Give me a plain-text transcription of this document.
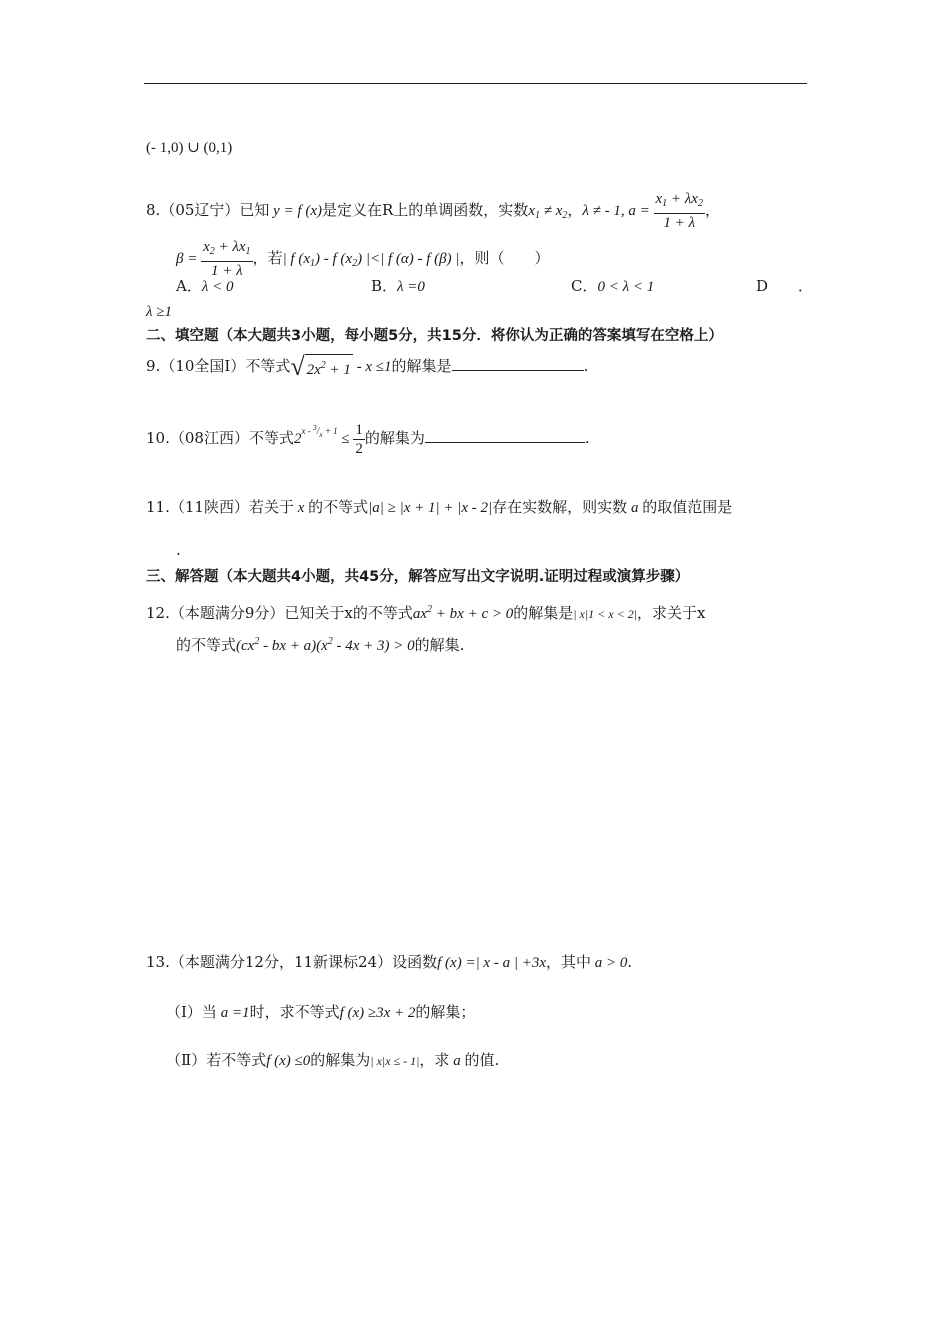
(- 1,0) ∪ (0,1)
8.（05辽宁）已知 y = f (x)是定义在R上的单调函数，实数$x_1 \ne x_2$，λ ≠ - 1, $a = \frac{x_1 + \lambda x_2}{1 + \lambda}$ ，
$\beta = \frac{x_2 + \lambda x_1}{1 + \lambda}$ ，若| f $(x_1)$ - f $(x_2)$ |<| f (α) - f (β) |，则（　　）
A．λ < 0	B．λ =0	C．0 < λ < 1	D　　．
λ ≥1
二、填空题（本大题共3小题，每小题5分，共15分．将你认为正确的答案填写在空格上）
9.（10全国Ⅰ）不等式√ $2x^2 + 1 - x \le 1$的解集是	.
10.（08江西）不等式$2^{x - ^3/_x + 1} \le \frac{1}{2}$ 的解集为	.
11.（11陕西）若关于 x 的不等式|a| ≥ |x + 1| + |x - 2|存在实数解，则实数 a 的取值范围是
.
三、解答题（本大题共4小题，共45分，解答应写出文字说明.证明过程或演算步骤）
12.（本题满分9分）已知关于x的不等式$ax^2$ + bx + c > 0的解集是| x|1 < x < 2|，求关于x
的不等式($cx^2$ - bx + $a)(x^2 - 4x + 3) > 0$的解集.
13.（本题满分12分，11新课标24）设函数f (x) =| x - a | +3x，其中 a > 0.
（Ⅰ）当 a =1时，求不等式f (x) ≥3x + 2的解集；
（Ⅱ）若不等式f (x) ≤0的解集为| x|x ≤ - 1|，求 a 的值.
